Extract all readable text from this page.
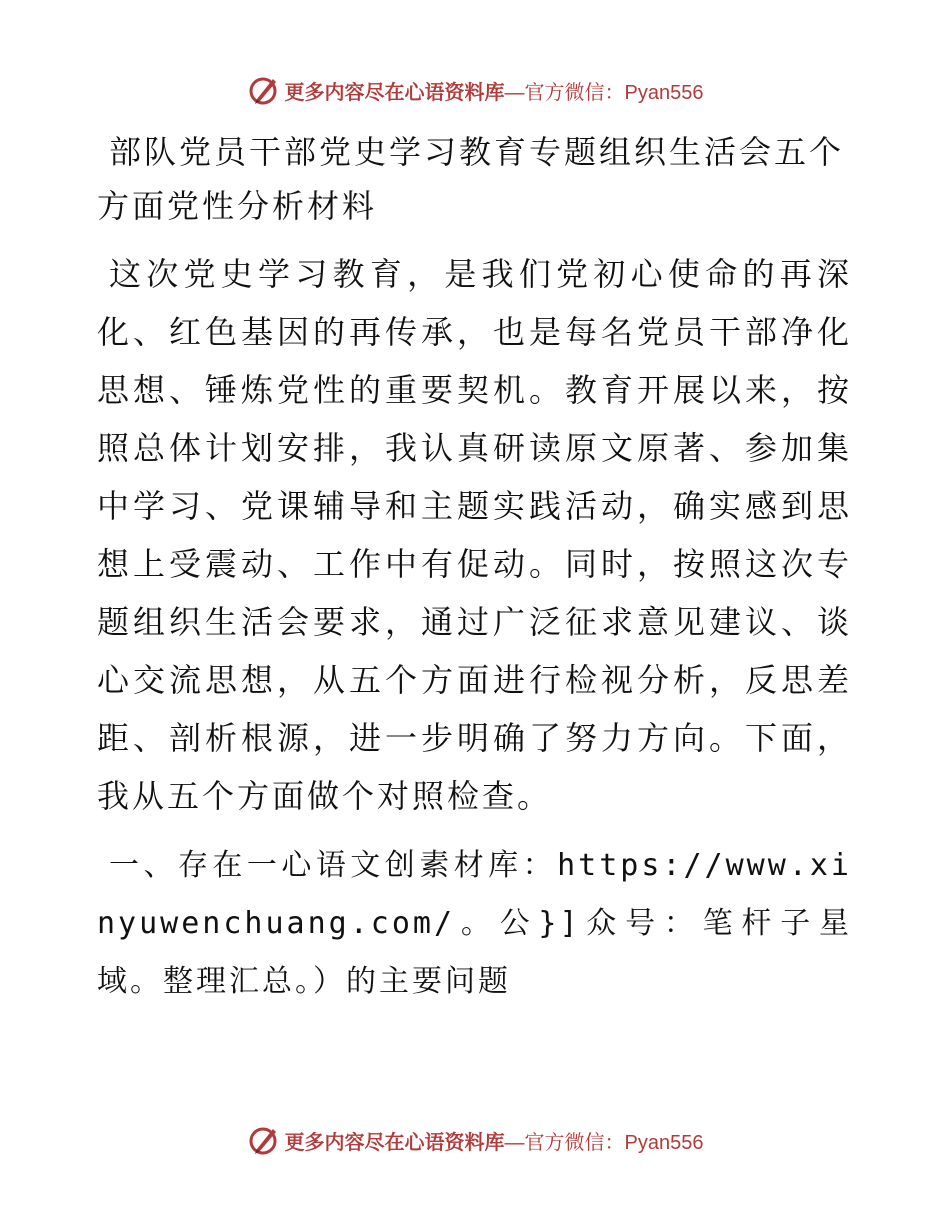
更多内容尽在心语资料库—官方微信：Pyan556
部队党员干部党史学习教育专题组织生活会五个方面党性分析材料

这次党史学习教育，是我们党初心使命的再深化、红色基因的再传承，也是每名党员干部净化思想、锤炼党性的重要契机。教育开展以来，按照总体计划安排，我认真研读原文原著、参加集中学习、党课辅导和主题实践活动，确实感到思想上受震动、工作中有促动。同时，按照这次专题组织生活会要求，通过广泛征求意见建议、谈心交流思想，从五个方面进行检视分析，反思差距、剖析根源，进一步明确了努力方向。下面，我从五个方面做个对照检查。

一、存在一心语文创素材库：https://www.xinyuwenchuang.com/。公}]众号：笔杆子星域。整理汇总。）的主要问题

更多内容尽在心语资料库—官方微信：Pyan556
